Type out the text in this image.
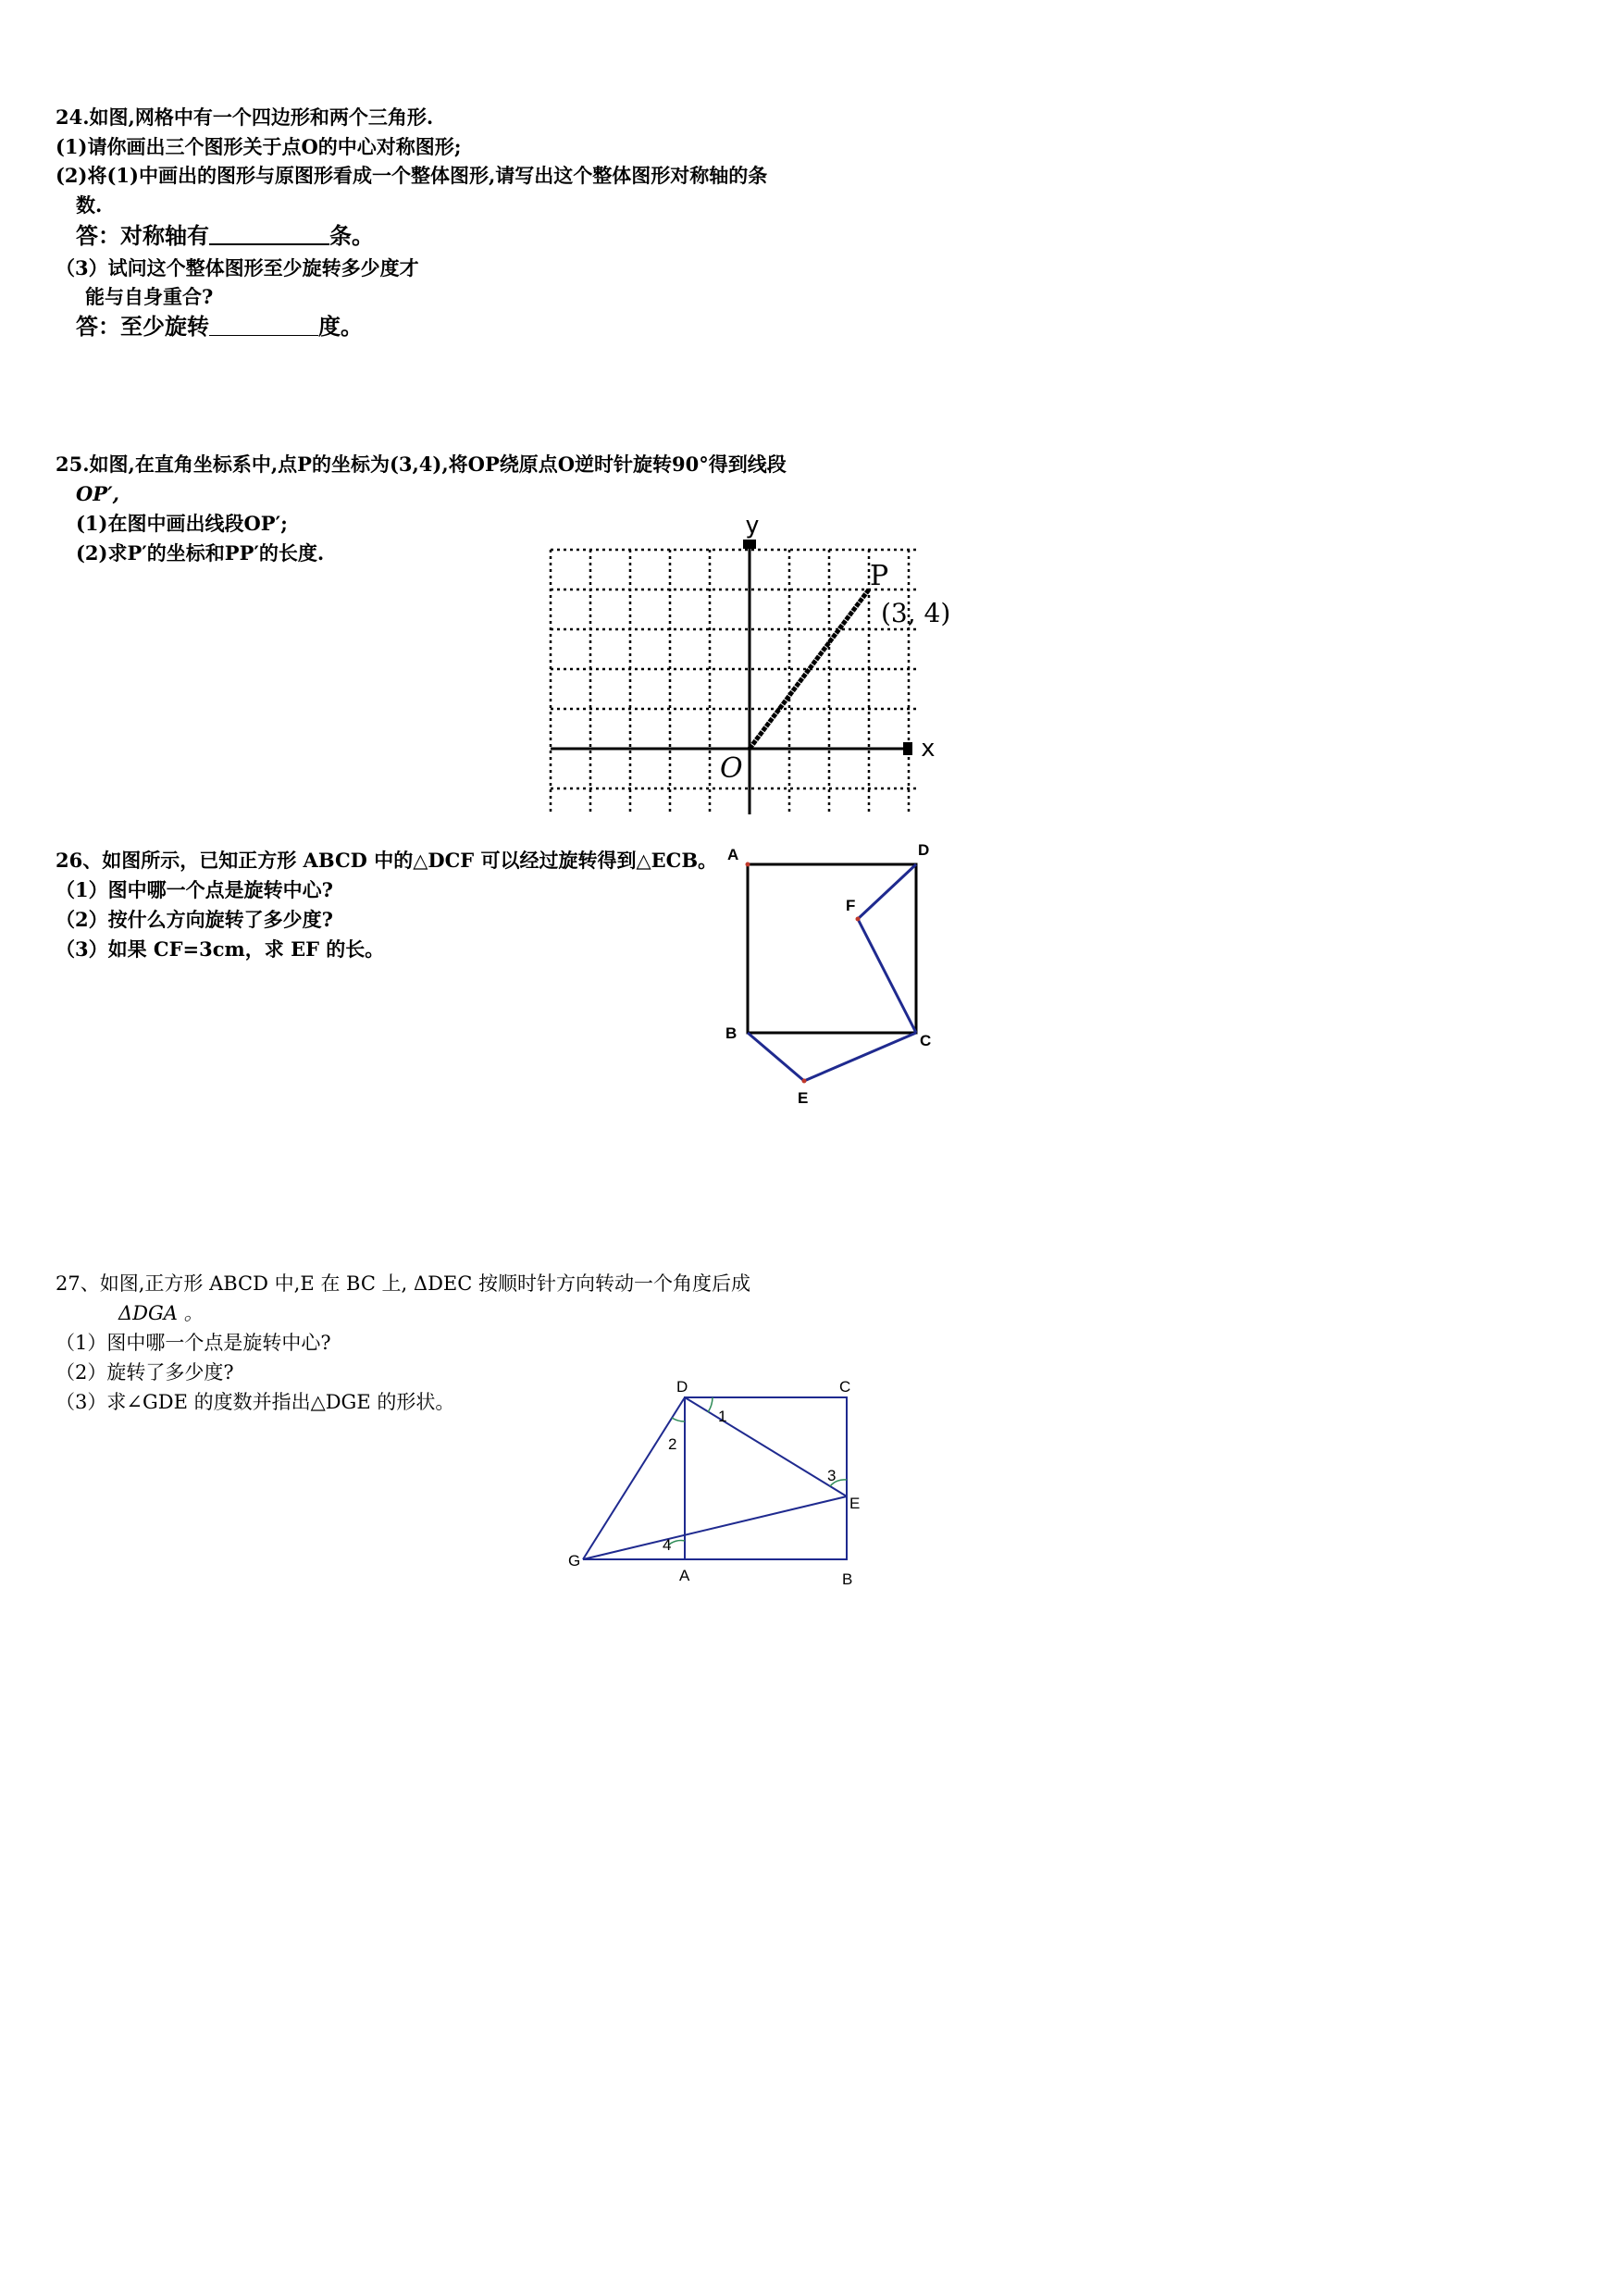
24.如图,网格中有一个四边形和两个三角形.
(1)请你画出三个图形关于点O的中心对称图形;
(2)将(1)中画出的图形与原图形看成一个整体图形,请写出这个整体图形对称轴的条
数.
答：对称轴有	条。
（3）试问这个整体图形至少旋转多少度才
能与自身重合?
答：至少旋转	度。
25.如图,在直角坐标系中,点P的坐标为(3,4),将OP绕原点O逆时针旋转90°得到线段
OP′,
(1)在图中画出线段OP′;
(2)求P′的坐标和PP′的长度.
y
x
O
P
(3, 4)
26、如图所示，已知正方形 ABCD 中的△DCF 可以经过旋转得到△ECB。
（1）图中哪一个点是旋转中心?
（2）按什么方向旋转了多少度?
（3）如果 CF=3cm，求 EF 的长。
A	D
F
B	C
E
27、如图,正方形 ABCD 中,E 在 BC 上, ΔDEC 按顺时针方向转动一个角度后成
ΔDGA 。
（1）图中哪一个点是旋转中心?
（2）旋转了多少度?
（3）求∠GDE 的度数并指出△DGE 的形状。
D	C
1
2
3
E
4
G
A	B
